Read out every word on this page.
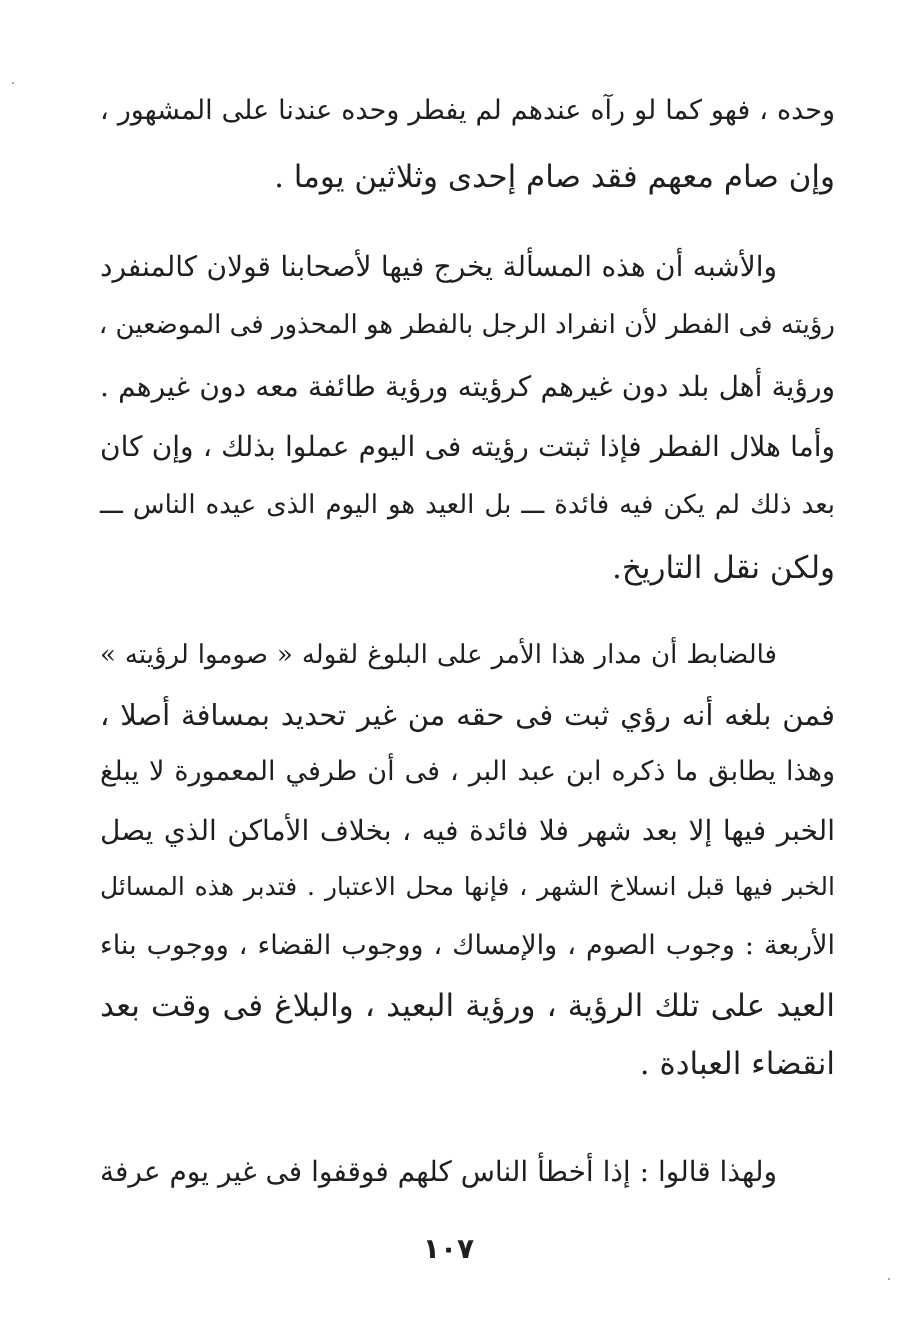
وحده ، فهو كما لو رآه عندهم لم يفطر وحده عندنا على المشهور ،
وإن صام معهم فقد صام إحدى وثلاثين يوما .
والأشبه أن هذه المسألة يخرج فيها لأصحابنا قولان كالمنفرد
رؤيته فى الفطر لأن انفراد الرجل بالفطر هو المحذور فى الموضعين ،
ورؤية أهل بلد دون غيرهم كرؤيته ورؤية طائفة معه دون غيرهم .
وأما هلال الفطر فإذا ثبتت رؤيته فى اليوم عملوا بذلك ، وإن كان
بعد ذلك لم يكن فيه فائدة ـــ بل العيد هو اليوم الذى عيده الناس ـــ
ولكن نقل التاريخ.
فالضابط أن مدار هذا الأمر على البلوغ لقوله « صوموا لرؤيته »
فمن بلغه أنه رؤي ثبت فى حقه من غير تحديد بمسافة أصلا ،
وهذا يطابق ما ذكره ابن عبد البر ، فى أن طرفي المعمورة لا يبلغ
الخبر فيها إلا بعد شهر فلا فائدة فيه ، بخلاف الأماكن الذي يصل
الخبر فيها قبل انسلاخ الشهر ، فإنها محل الاعتبار . فتدبر هذه المسائل
الأربعة : وجوب الصوم ، والإمساك ، ووجوب القضاء ، ووجوب بناء
العيد على تلك الرؤية ، ورؤية البعيد ، والبلاغ فى وقت بعد
انقضاء العبادة .
ولهذا قالوا : إذا أخطأ الناس كلهم فوقفوا فى غير يوم عرفة
١٠٧
